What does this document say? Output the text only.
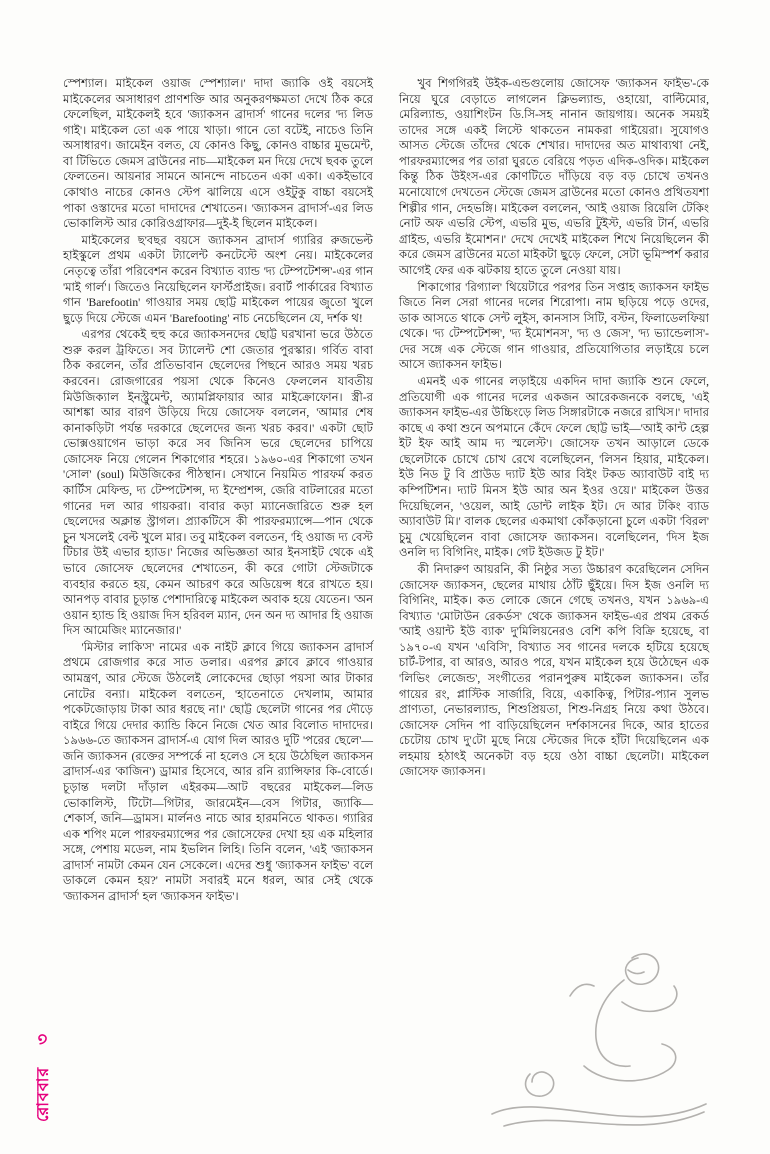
স্পেশ্যাল। মাইকেল ওয়াজ স্পেশ্যাল।' দাদা জ্যাকি ওই বয়সেই মাইকেলের অসাধারণ প্রাণশক্তি আর অনুকরণক্ষমতা দেখে ঠিক করে ফেলেছিল, মাইকেলই হবে 'জ্যাকসন ব্রাদার্স' গানের দলের 'দ্য লিড গাই'। মাইকেল তো এক পায়ে খাড়া। গানে তো বটেই, নাচেও তিনি অসাধারণ। জামেইন বলত, যে কোনও কিছু, কোনও বাচ্চার মুভমেন্ট, বা টিভিতে জেমস ব্রাউনের নাচ—মাইকেল মন দিয়ে দেখে ছবক তুলে ফেলতেন। আয়নার সামনে আনন্দে নাচতেন একা একা। একইভাবে কোথাও নাচের কোনও স্টেপ ঝালিয়ে এসে ওইটুকু বাচ্চা বয়সেই পাকা ওস্তাদের মতো দাদাদের শেখাতেন। 'জ্যাকসন ব্রাদার্স'-এর লিড ভোকালিস্ট আর কোরিওগ্রাফার—দুই-ই ছিলেন মাইকেল।

মাইকেলের ছ'বছর বয়সে জ্যাকসন ব্রাদার্স গ্যারির রুজভেল্ট হাইস্কুলে প্রথম একটা ট্যালেন্ট কনটেস্টে অংশ নেয়। মাইকেলের নেতৃত্বে তাঁরা পরিবেশন করেন বিখ্যাত ব্যান্ড 'দ্য টেম্পটেশন্স'-এর গান 'মাই গার্ল'। জিতেও নিয়েছিলেন ফার্স্টপ্রাইজ। রবার্ট পার্কারের বিখ্যাত গান 'Barefootin' গাওয়ার সময় ছোট্ট মাইকেল পায়ের জুতো খুলে ছুড়ে দিয়ে স্টেজে এমন 'Barefooting' নাচ নেচেছিলেন যে, দর্শক থ!

এরপর থেকেই হুহু করে জ্যাকসনদের ছোট্ট ঘরখানা ভরে উঠতে শুরু করল ট্রফিতে। সব ট্যালেন্ট শো জেতার পুরস্কার। গর্বিত বাবা ঠিক করলেন, তাঁর প্রতিভাবান ছেলেদের পিছনে আরও সময় খরচ করবেন। রোজগারের পয়সা থেকে কিনেও ফেললেন যাবতীয় মিউজিক্যাল ইনস্ট্রুমেন্ট, অ্যামপ্লিফায়ার আর মাইক্রোফোন। স্ত্রী-র আশঙ্কা আর বারণ উড়িয়ে দিয়ে জোসেফ বললেন, 'আমার শেষ কানাকড়িটা পর্যন্ত দরকারে ছেলেদের জন্য খরচ করব।' একটা ছোট ভোক্সওয়াগেন ভাড়া করে সব জিনিস ভরে ছেলেদের চাপিয়ে জোসেফ নিয়ে গেলেন শিকাগোর শহরে। ১৯৬০-এর শিকাগো তখন 'সোল' (soul) মিউজিকের পীঠস্থান। সেখানে নিয়মিত পারফর্ম করত কার্টিস মেফিল্ড, দ্য টেম্পটেশন্স, দ্য ইম্প্রেশন্স, জেরি বাটলারের মতো গানের দল আর গায়করা। বাবার কড়া ম্যানেজারিতে শুরু হল ছেলেদের অক্লান্ত স্ট্রাগল। প্র্যাকটিসে কী পারফরম্যান্সে—পান থেকে চুন খসলেই বেল্ট খুলে মার। তবু মাইকেল বলতেন, 'হি ওয়াজ দ্য বেস্ট টিচার উই এভার হ্যাড।' নিজের অভিজ্ঞতা আর ইনসাইট থেকে এই ভাবে জোসেফ ছেলেদের শেখাতেন, কী করে গোটা স্টেজটাকে ব্যবহার করতে হয়, কেমন আচরণ করে অডিয়েন্স ধরে রাখতে হয়। আনপড় বাবার চূড়ান্ত পেশাদারিত্বে মাইকেল অবাক হয়ে যেতেন। 'অন ওয়ান হ্যান্ড হি ওয়াজ দিস হরিবল ম্যান, দেন অন দ্য আদার হি ওয়াজ দিস আমেজিং ম্যানেজার।'

'মিস্টার লাকি'স' নামের এক নাইট ক্লাবে গিয়ে জ্যাকসন ব্রাদার্স প্রথমে রোজগার করে সাত ডলার। এরপর ক্লাবে ক্লাবে গাওয়ার আমন্ত্রণ, আর স্টেজে উঠলেই লোকেদের ছোড়া পয়সা আর টাকার নোটের বন্যা। মাইকেল বলতেন, 'হাতেনাতে দেখলাম, আমার পকেটজোড়ায় টাকা আর ধরছে না।' ছোট্ট ছেলেটা গানের পর দৌড়ে বাইরে গিয়ে দেদার ক্যান্ডি কিনে নিজে খেত আর বিলোত দাদাদের। ১৯৬৬-তে জ্যাকসন ব্রাদার্স-এ যোগ দিল আরও দুটি 'পরের ছেলে'—জনি জ্যাকসন (রক্তের সম্পর্কে না হলেও সে হয়ে উঠেছিল জ্যাকসন ব্রাদার্স-এর 'কাজিন') ড্রামার হিসেবে, আর রনি র‍্যান্সিফার কি-বোর্ডে। চূড়ান্ত দলটা দাঁড়াল এইরকম—আট বছরের মাইকেল—লিড ভোকালিস্ট, টিটো—গিটার, জারমেইন—বেস গিটার, জ্যাকি—শেকার্স, জনি—ড্রামস। মার্লনও নাচে আর হারমনিতে থাকত। গ্যারির এক শপিং মলে পারফরম্যান্সের পর জোসেফের দেখা হয় এক মহিলার সঙ্গে, পেশায় মডেল, নাম ইভলিন লিহি। তিনি বলেন, 'এই 'জ্যাকসন ব্রাদার্স' নামটা কেমন যেন সেকেলে। এদের শুধু 'জ্যাকসন ফাইভ' বলে ডাকলে কেমন হয়?' নামটা সবারই মনে ধরল, আর সেই থেকে 'জ্যাকসন ব্রাদার্স' হল 'জ্যাকসন ফাইভ'।

খুব শিগগিরই উইক-এন্ডগুলোয় জোসেফ 'জ্যাকসন ফাইভ'-কে নিয়ে ঘুরে বেড়াতে লাগলেন ক্লিভল্যান্ড, ওহায়ো, বাল্টিমোর, মেরিল্যান্ড, ওয়াশিংটন ডি.সি-সহ নানান জায়গায়। অনেক সময়ই তাদের সঙ্গে একই লিস্টে থাকতেন নামকরা গাইয়েরা। সুযোগও আসত স্টেজে তাঁদের থেকে শেখার। দাদাদের অত মাথাব্যথা নেই, পারফরম্যান্সের পর তারা ঘুরতে বেরিয়ে পড়ত এদিক-ওদিক। মাইকেল কিন্তু ঠিক উইংস-এর কোণটিতে দাঁড়িয়ে বড় বড় চোখে তখনও মনোযোগে দেখতেন স্টেজে জেমস ব্রাউনের মতো কোনও প্রথিতযশা শিল্পীর গান, দেহভঙ্গি। মাইকেল বললেন, 'আই ওয়াজ রিয়েলি টেকিং নোট অফ এভরি স্টেপ, এভরি মুভ, এভরি টুইস্ট, এভরি টার্ন, এভরি গ্রাইন্ড, এভরি ইমোশন।' দেখে দেখেই মাইকেল শিখে নিয়েছিলেন কী করে জেমস ব্রাউনের মতো মাইকটা ছুড়ে ফেলে, সেটা ভূমিস্পর্শ করার আগেই ফের এক ঝটকায় হাতে তুলে নেওয়া যায়।

শিকাগোর 'রিগ্যাল' থিয়েটারে পরপর তিন সপ্তাহ জ্যাকসন ফাইভ জিতে নিল সেরা গানের দলের শিরোপা। নাম ছড়িয়ে পড়ে ওদের, ডাক আসতে থাকে সেন্ট লুইস, কানসাস সিটি, বস্টন, ফিলাডেলফিয়া থেকে। 'দ্য টেম্পটেশন্স', 'দ্য ইমোশনস', 'দ্য ও জেস', 'দ্য ভ্যান্ডেলাস'-দের সঙ্গে এক স্টেজে গান গাওয়ার, প্রতিযোগিতার লড়াইয়ে চলে আসে জ্যাকসন ফাইভ।

এমনই এক গানের লড়াইয়ে একদিন দাদা জ্যাকি শুনে ফেলে, প্রতিযোগী এক গানের দলের একজন আরেকজনকে বলছে, 'এই জ্যাকসন ফাইভ-এর উচ্চিংড়ে লিড সিঙ্গারটাকে নজরে রাখিস।' দাদার কাছে এ কথা শুনে অপমানে কেঁদে ফেলে ছোট্ট ভাই—'আই কান্ট হেল্প ইট ইফ আই আম দ্য স্মলেস্ট'। জোসেফ তখন আড়ালে ডেকে ছেলেটাকে চোখে চোখ রেখে বলেছিলেন, 'লিসন হিয়ার, মাইকেল। ইউ নিড টু বি প্রাউড দ্যাট ইউ আর বিইং টকড অ্যাবাউট বাই দ্য কম্পিটিশন। দ্যাট মিনস ইউ আর অন ইওর ওয়ে।' মাইকেল উত্তর দিয়েছিলেন, 'ওয়েল, আই ডোন্ট লাইক ইট। দে আর টকিং ব্যাড অ্যাবাউট মি।' বালক ছেলের একমাথা কোঁকড়ানো চুলে একটা 'বিরল' চুমু খেয়েছিলেন বাবা জোসেফ জ্যাকসন। বলেছিলেন, 'দিস ইজ ওনলি দ্য বিগিনিং, মাইক। গেট ইউজড টু ইট।'

কী নিদারুণ আয়রনি, কী নিষ্ঠুর সত্য উচ্চারণ করেছিলেন সেদিন জোসেফ জ্যাকসন, ছেলের মাথায় ঠোঁট ছুঁইয়ে। দিস ইজ ওনলি দ্য বিগিনিং, মাইক। কত লোকে জেনে গেছে তখনও, যখন ১৯৬৯-এ বিখ্যাত 'মোটাউন রেকর্ডস' থেকে জ্যাকসন ফাইভ-এর প্রথম রেকর্ড 'আই ওয়ান্ট ইউ ব্যাক' দু'মিলিয়নেরও বেশি কপি বিক্রি হয়েছে, বা ১৯৭০-এ যখন 'এবিসি', বিখ্যাত সব গানের দলকে হটিয়ে হয়েছে চার্ট-টপার, বা আরও, আরও পরে, যখন মাইকেল হয়ে উঠেছেন এক 'লিভিং লেজেন্ড', সংগীতের পরানপুরুষ মাইকেল জ্যাকসন। তাঁর গায়ের রং, প্লাস্টিক সার্জারি, বিয়ে, একাকিত্ব, পিটার-প্যান সুলভ প্রাণ্যতা, নেভারল্যান্ড, শিশুপ্রিয়তা, শিশু-নিগ্রহ নিয়ে কথা উঠবে। জোসেফ সেদিন পা বাড়িয়েছিলেন দর্শকাসনের দিকে, আর হাতের চেটোয় চোখ দু'টো মুছে নিয়ে স্টেজের দিকে হাঁটা দিয়েছিলেন এক লহমায় হঠাৎই অনেকটা বড় হয়ে ওঠা বাচ্চা ছেলেটা। মাইকেল জোসেফ জ্যাকসন।

রোববার৩
